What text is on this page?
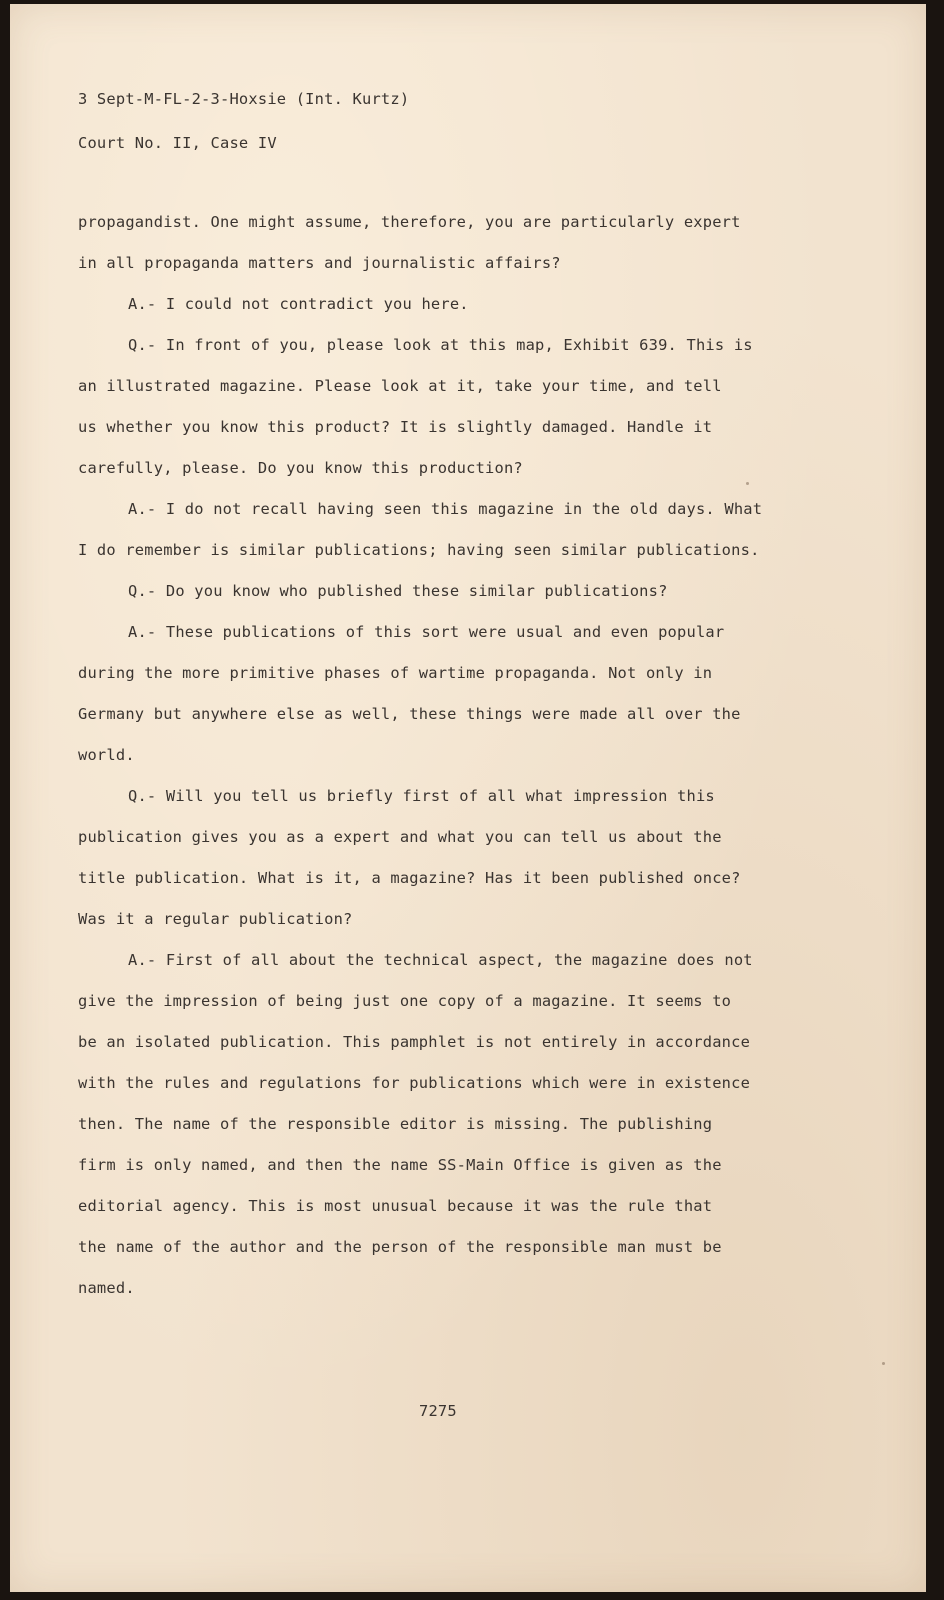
3 Sept-M-FL-2-3-Hoxsie (Int. Kurtz)
Court No. II, Case IV
propagandist. One might assume, therefore, you are particularly expert
in all propaganda matters and journalistic affairs?
A.- I could not contradict you here.
Q.- In front of you, please look at this map, Exhibit 639. This is
an illustrated magazine. Please look at it, take your time, and tell
us whether you know this product? It is slightly damaged. Handle it
carefully, please. Do you know this production?
A.- I do not recall having seen this magazine in the old days. What
I do remember is similar publications; having seen similar publications.
Q.- Do you know who published these similar publications?
A.- These publications of this sort were usual and even popular
during the more primitive phases of wartime propaganda. Not only in
Germany but anywhere else as well, these things were made all over the
world.
Q.- Will you tell us briefly first of all what impression this
publication gives you as a expert and what you can tell us about the
title publication. What is it, a magazine? Has it been published once?
Was it a regular publication?
A.- First of all about the technical aspect, the magazine does not
give the impression of being just one copy of a magazine. It seems to
be an isolated publication. This pamphlet is not entirely in accordance
with the rules and regulations for publications which were in existence
then. The name of the responsible editor is missing. The publishing
firm is only named, and then the name SS-Main Office is given as the
editorial agency. This is most unusual because it was the rule that
the name of the author and the person of the responsible man must be
named.
7275
